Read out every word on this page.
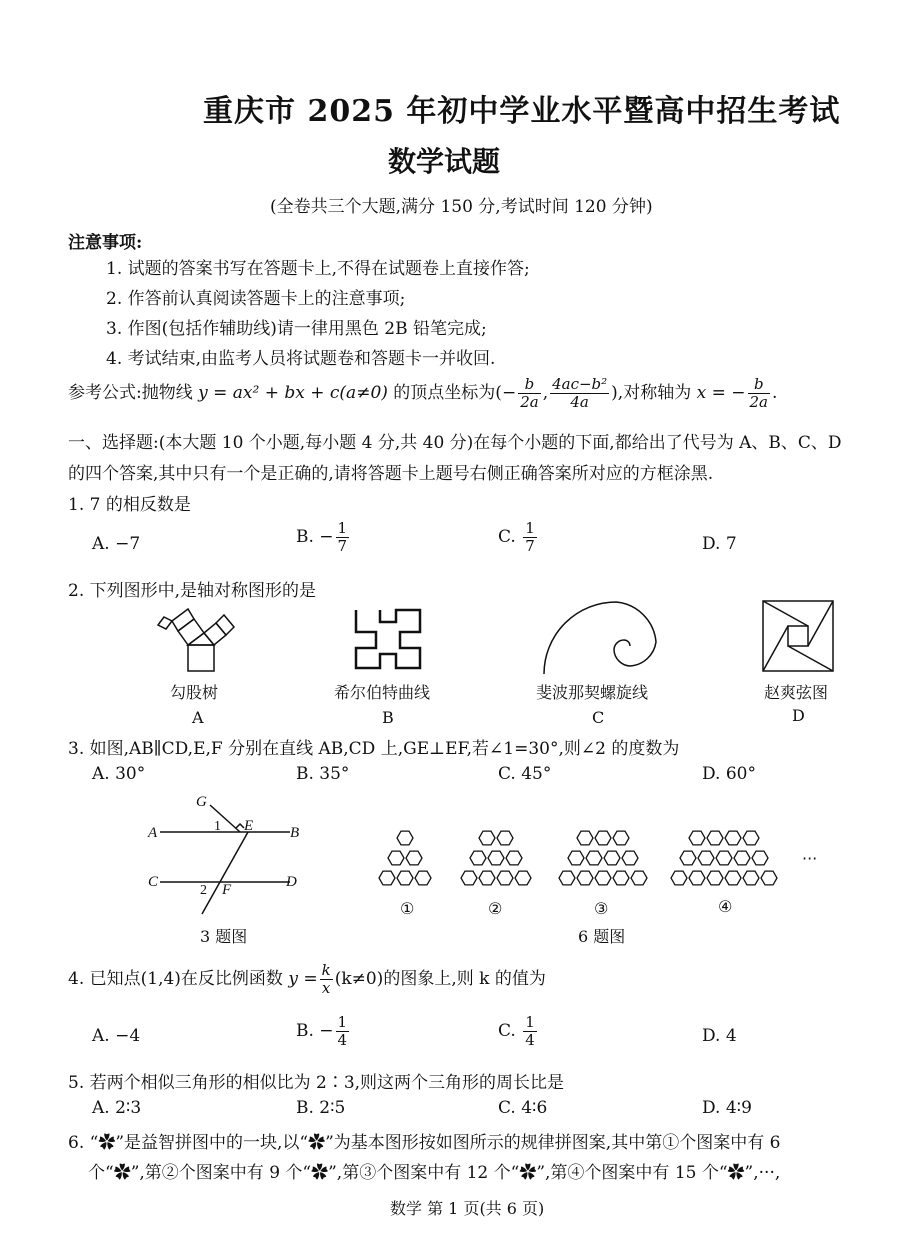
重庆市 2025 年初中学业水平暨高中招生考试
数学试题
(全卷共三个大题,满分 150 分,考试时间 120 分钟)
注意事项:
1. 试题的答案书写在答题卡上,不得在试题卷上直接作答;
2. 作答前认真阅读答题卡上的注意事项;
3. 作图(包括作辅助线)请一律用黑色 2B 铅笔完成;
4. 考试结束,由监考人员将试题卷和答题卡一并收回.
参考公式:抛物线 y = ax² + bx + c(a≠0) 的顶点坐标为(− $\frac{b}{2a}$ , $\frac{\text{4ac−b²}}{4a}$ ),对称轴为 x = − $\frac{b}{2a}$ .
一、选择题:(本大题 10 个小题,每小题 4 分,共 40 分)在每个小题的下面,都给出了代号为 A、B、C、D
的四个答案,其中只有一个是正确的,请将答题卡上题号右侧正确答案所对应的方框涂黑.
1. 7 的相反数是
A. −7	B. − $\frac{1}{7}$	C. $\frac{1}{7}$	D. 7
2. 下列图形中,是轴对称图形的是
勾股树
A
希尔伯特曲线
B
斐波那契螺旋线
C
赵爽弦图
D
3. 如图,AB∥CD,E,F 分别在直线 AB,CD 上,GE⊥EF,若∠1=30°,则∠2 的度数为
A. 30°	B. 35°	C. 45°	D. 60°
G
A	B
E
C	D
F
1
2
3 题图
①	②	③	④
···
6 题图
4. 已知点(1,4)在反比例函数 $y = \frac{k}{x} (k\ne 0)$的图象上,则 k 的值为
A. −4	B. − $\frac{1}{4}$	C. $\frac{1}{4}$	D. 4
5. 若两个相似三角形的相似比为 2∶3,则这两个三角形的周长比是
A. 2∶3	B. 2∶5	C. 4∶6	D. 4∶9
6. “✿”是益智拼图中的一块,以“✿”为基本图形按如图所示的规律拼图案,其中第①个图案中有 6
个“✿”,第②个图案中有 9 个“✿”,第③个图案中有 12 个“✿”,第④个图案中有 15 个“✿”,···,
数学 第 1 页(共 6 页)
